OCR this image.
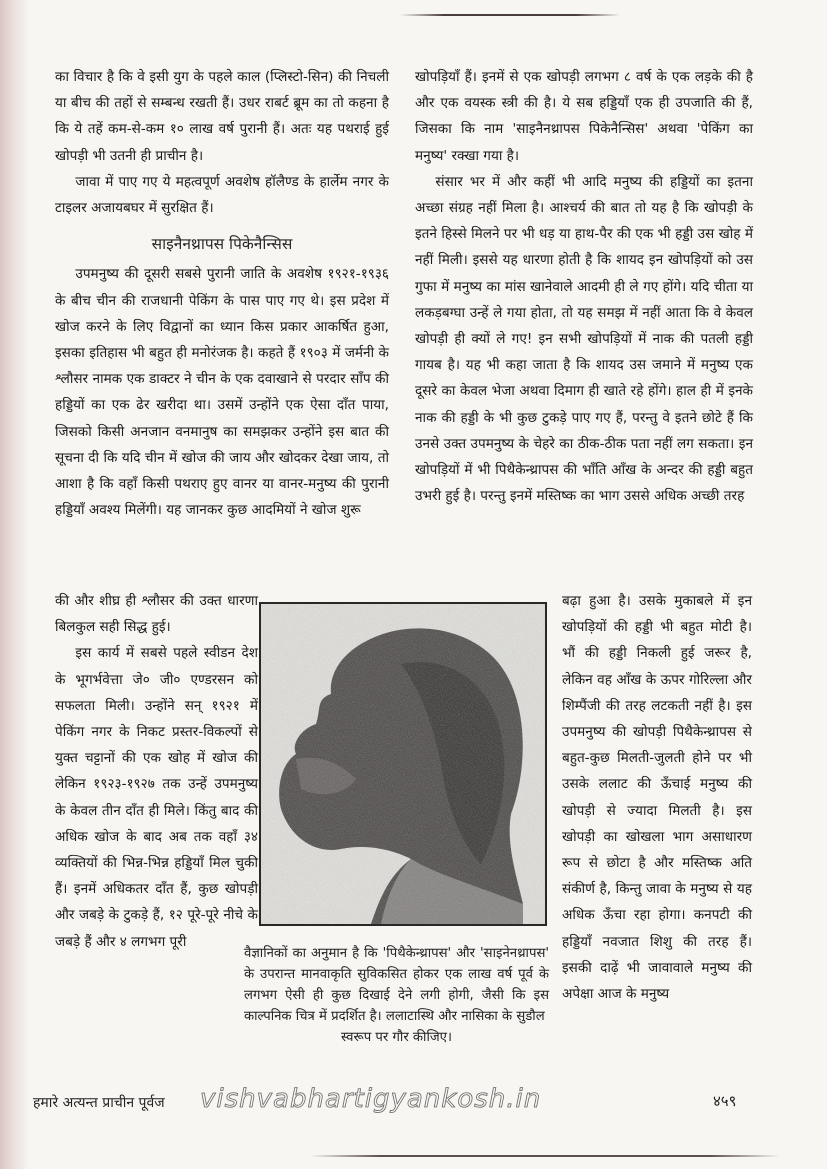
का विचार है कि वे इसी युग के पहले काल (प्लिस्टो-सिन) की निचली या बीच की तहों से सम्बन्ध रखती हैं। उधर राबर्ट ब्रूम का तो कहना है कि ये तहें कम-से-कम १० लाख वर्ष पुरानी हैं। अतः यह पथराई हुई खोपड़ी भी उतनी ही प्राचीन है।

जावा में पाए गए ये महत्वपूर्ण अवशेष हॉलैण्ड के हार्लेम नगर के टाइलर अजायबघर में सुरक्षित हैं।

साइनैनथ्रापस पिकेनैन्सिस

उपमनुष्य की दूसरी सबसे पुरानी जाति के अवशेष १९२१-१९३६ के बीच चीन की राजधानी पेकिंग के पास पाए गए थे। इस प्रदेश में खोज करने के लिए विद्वानों का ध्यान किस प्रकार आकर्षित हुआ, इसका इतिहास भी बहुत ही मनोरंजक है। कहते हैं १९०३ में जर्मनी के श्लौसर नामक एक डाक्टर ने चीन के एक दवाखाने से परदार साँप की हड्डियों का एक ढेर खरीदा था। उसमें उन्होंने एक ऐसा दाँत पाया, जिसको किसी अनजान वनमानुष का समझकर उन्होंने इस बात की सूचना दी कि यदि चीन में खोज की जाय और खोदकर देखा जाय, तो आशा है कि वहाँ किसी पथराए हुए वानर या वानर-मनुष्य की पुरानी हड्डियाँ अवश्य मिलेंगी। यह जानकर कुछ आदमियों ने खोज शुरू

की और शीघ्र ही श्लौसर की उक्त धारणा बिलकुल सही सिद्ध हुई।

इस कार्य में सबसे पहले स्वीडन देश के भूगर्भवेत्ता जे० जी० एण्डरसन को सफलता मिली। उन्होंने सन् १९२१ में पेकिंग नगर के निकट प्रस्तर-विकल्पों से युक्त चट्टानों की एक खोह में खोज की लेकिन १९२३-१९२७ तक उन्हें उपमनुष्य के केवल तीन दाँत ही मिले। किंतु बाद की अधिक खोज के बाद अब तक वहाँ ३४ व्यक्तियों की भिन्न-भिन्न हड्डियाँ मिल चुकी हैं। इनमें अधिकतर दाँत हैं, कुछ खोपड़ी और जबड़े के टुकड़े हैं, १२ पूरे-पूरे नीचे के जबड़े हैं और ४ लगभग पूरी

खोपड़ियाँ हैं। इनमें से एक खोपड़ी लगभग ८ वर्ष के एक लड़के की है और एक वयस्क स्त्री की है। ये सब हड्डियाँ एक ही उपजाति की हैं, जिसका कि नाम 'साइनैनथ्रापस पिकेनैन्सिस' अथवा 'पेकिंग का मनुष्य' रक्खा गया है।

संसार भर में और कहीं भी आदि मनुष्य की हड्डियों का इतना अच्छा संग्रह नहीं मिला है। आश्चर्य की बात तो यह है कि खोपड़ी के इतने हिस्से मिलने पर भी धड़ या हाथ-पैर की एक भी हड्डी उस खोह में नहीं मिली। इससे यह धारणा होती है कि शायद इन खोपड़ियों को उस गुफा में मनुष्य का मांस खानेवाले आदमी ही ले गए होंगे। यदि चीता या लकड़बग्घा उन्हें ले गया होता, तो यह समझ में नहीं आता कि वे केवल खोपड़ी ही क्यों ले गए! इन सभी खोपड़ियों में नाक की पतली हड्डी गायब है। यह भी कहा जाता है कि शायद उस जमाने में मनुष्य एक दूसरे का केवल भेजा अथवा दिमाग ही खाते रहे होंगे। हाल ही में इनके नाक की हड्डी के भी कुछ टुकड़े पाए गए हैं, परन्तु वे इतने छोटे हैं कि उनसे उक्त उपमनुष्य के चेहरे का ठीक-ठीक पता नहीं लग सकता। इन खोपड़ियों में भी पिथैकेन्थ्रापस की भाँति आँख के अन्दर की हड्डी बहुत उभरी हुई है। परन्तु इनमें मस्तिष्क का भाग उससे अधिक अच्छी तरह

बढ़ा हुआ है। उसके मुकाबले में इन खोपड़ियों की हड्डी भी बहुत मोटी है। भौं की हड्डी निकली हुई जरूर है, लेकिन वह आँख के ऊपर गोरिल्ला और शिम्पैंजी की तरह लटकती नहीं है। इस उपमनुष्य की खोपड़ी पिथैकेन्थ्रापस से बहुत-कुछ मिलती-जुलती होने पर भी उसके ललाट की ऊँचाई मनुष्य की खोपड़ी से ज्यादा मिलती है। इस खोपड़ी का खोखला भाग असाधारण रूप से छोटा है और मस्तिष्क अति संकीर्ण है, किन्तु जावा के मनुष्य से यह अधिक ऊँचा रहा होगा। कनपटी की हड्डियाँ नवजात शिशु की तरह हैं। इसकी दाढ़ें भी जावावाले मनुष्य की अपेक्षा आज के मनुष्य

वैज्ञानिकों का अनुमान है कि 'पिथैकेन्थ्रापस' और 'साइनेनथ्रापस' के उपरान्त मानवाकृति सुविकसित होकर एक लाख वर्ष पूर्व के लगभग ऐसी ही कुछ दिखाई देने लगी होगी, जैसी कि इस काल्पनिक चित्र में प्रदर्शित है। ललाटास्थि और नासिका के सुडौल
स्वरूप पर गौर कीजिए।
हमारे अत्यन्त प्राचीन पूर्वज vishvabhartigyankosh.in	४५९
